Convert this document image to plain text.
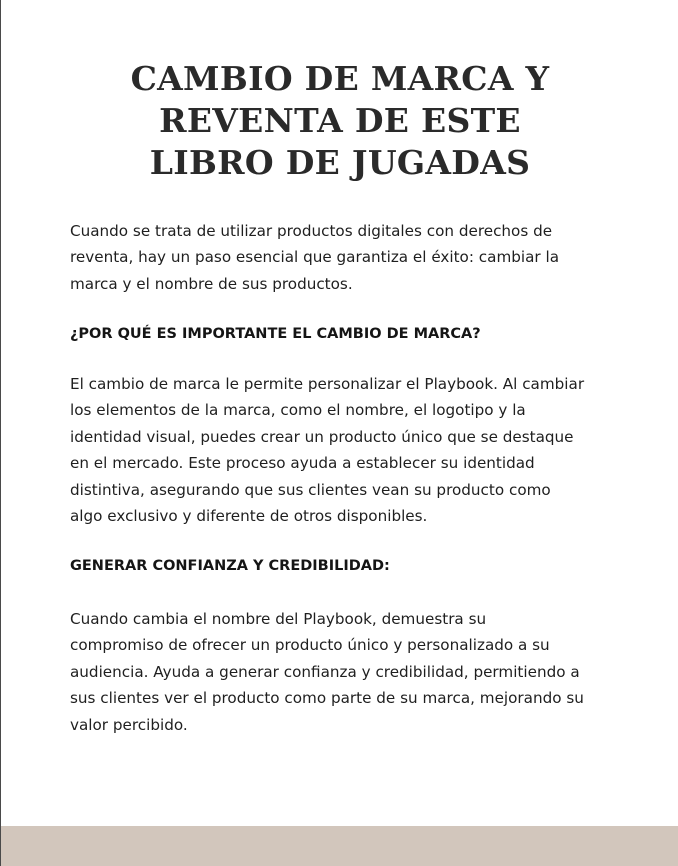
CAMBIO DE MARCA Y
REVENTA DE ESTE
LIBRO DE JUGADAS

Cuando se trata de utilizar productos digitales con derechos de
reventa, hay un paso esencial que garantiza el éxito: cambiar la
marca y el nombre de sus productos.

¿POR QUÉ ES IMPORTANTE EL CAMBIO DE MARCA?

El cambio de marca le permite personalizar el Playbook. Al cambiar
los elementos de la marca, como el nombre, el logotipo y la
identidad visual, puedes crear un producto único que se destaque
en el mercado. Este proceso ayuda a establecer su identidad
distintiva, asegurando que sus clientes vean su producto como
algo exclusivo y diferente de otros disponibles.

GENERAR CONFIANZA Y CREDIBILIDAD:

Cuando cambia el nombre del Playbook, demuestra su
compromiso de ofrecer un producto único y personalizado a su
audiencia. Ayuda a generar confianza y credibilidad, permitiendo a
sus clientes ver el producto como parte de su marca, mejorando su
valor percibido.
